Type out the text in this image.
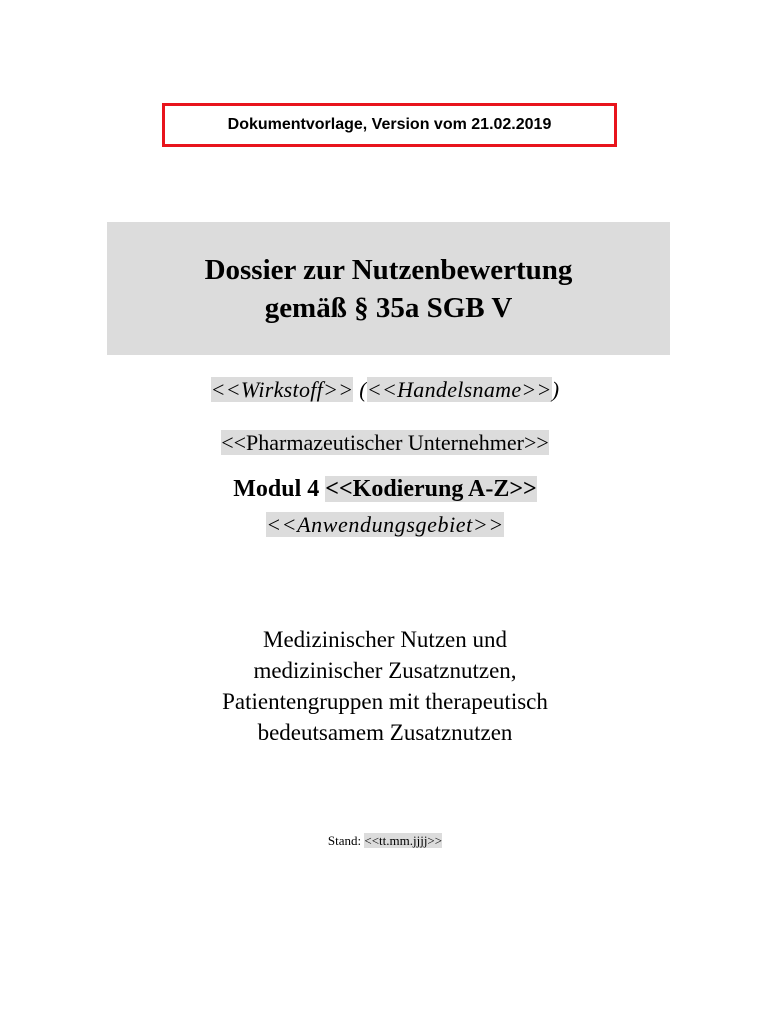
Dokumentvorlage, Version vom 21.02.2019
Dossier zur Nutzenbewertung
gemäß § 35a SGB V
<<Wirkstoff>> (<<Handelsname>>)
<<Pharmazeutischer Unternehmer>>
Modul 4 <<Kodierung A-Z>>
<<Anwendungsgebiet>>
Medizinischer Nutzen und
medizinischer Zusatznutzen,
Patientengruppen mit therapeutisch
bedeutsamem Zusatznutzen
Stand: <<tt.mm.jjjj>>
